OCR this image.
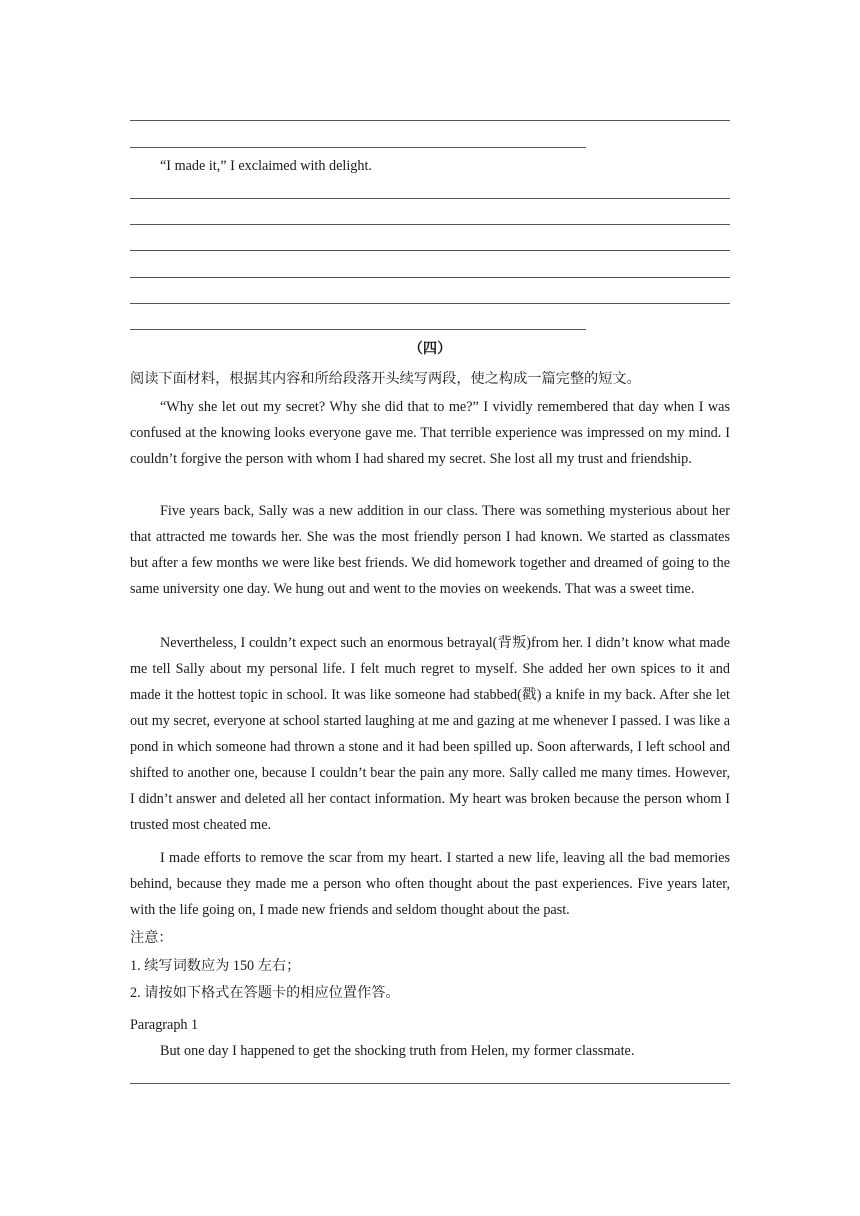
“I made it,” I exclaimed with delight.
（四）
阅读下面材料，根据其内容和所给段落开头续写两段，使之构成一篇完整的短文。
“Why she let out my secret? Why she did that to me?” I vividly remembered that day when I was confused at the knowing looks everyone gave me. That terrible experience was impressed on my mind. I couldn’t forgive the person with whom I had shared my secret. She lost all my trust and friendship.
Five years back, Sally was a new addition in our class. There was something mysterious about her that attracted me towards her. She was the most friendly person I had known. We started as classmates but after a few months we were like best friends. We did homework together and dreamed of going to the same university one day. We hung out and went to the movies on weekends. That was a sweet time.
Nevertheless, I couldn’t expect such an enormous betrayal(背叛)from her. I didn’t know what made me tell Sally about my personal life. I felt much regret to myself. She added her own spices to it and made it the hottest topic in school. It was like someone had stabbed(戳) a knife in my back. After she let out my secret, everyone at school started laughing at me and gazing at me whenever I passed. I was like a pond in which someone had thrown a stone and it had been spilled up. Soon afterwards, I left school and shifted to another one, because I couldn’t bear the pain any more. Sally called me many times. However, I didn’t answer and deleted all her contact information. My heart was broken because the person whom I trusted most cheated me.
I made efforts to remove the scar from my heart. I started a new life, leaving all the bad memories behind, because they made me a person who often thought about the past experiences. Five years later, with the life going on, I made new friends and seldom thought about the past.
注意：
1. 续写词数应为 150 左右；
2. 请按如下格式在答题卡的相应位置作答。
Paragraph 1
But one day I happened to get the shocking truth from Helen, my former classmate.
